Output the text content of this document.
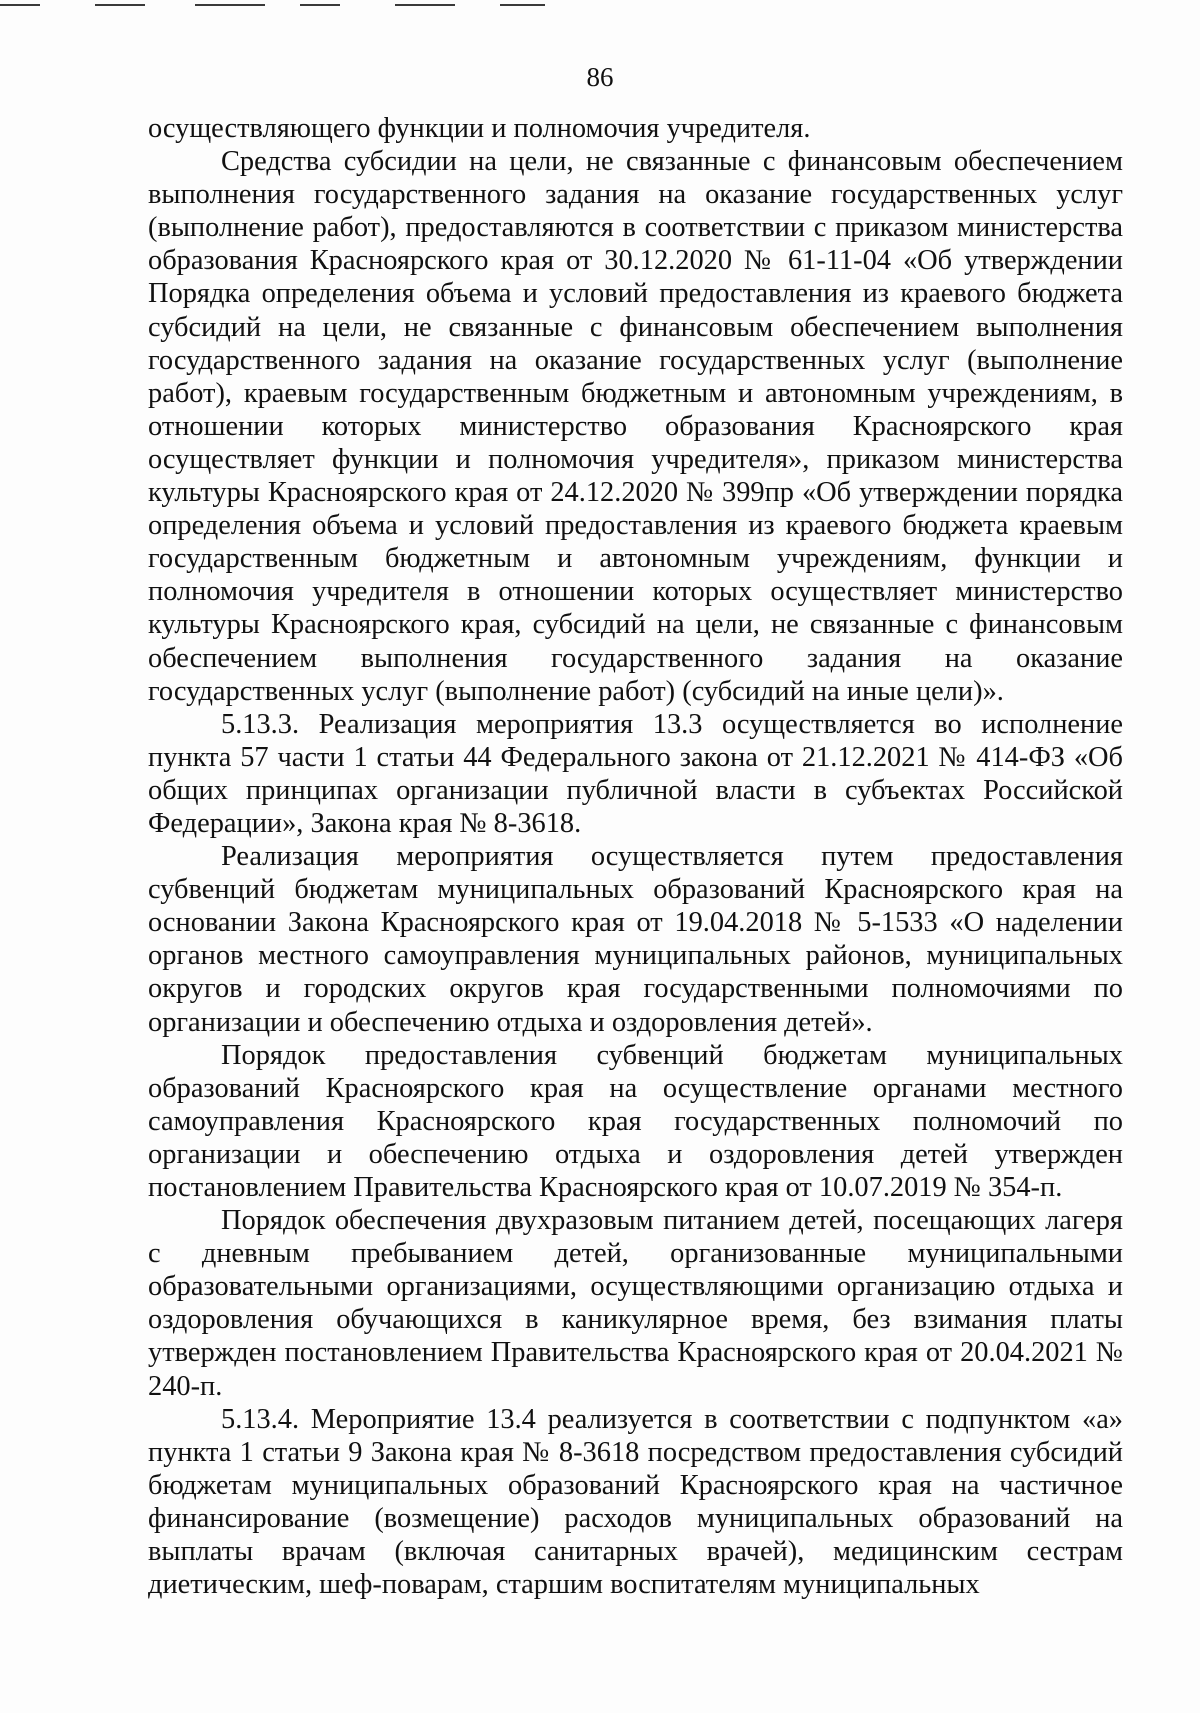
86

осуществляющего функции и полномочия учредителя.

Средства субсидии на цели, не связанные с финансовым обеспечением выполнения государственного задания на оказание государственных услуг (выполнение работ), предоставляются в соответствии с приказом министерства образования Красноярского края от 30.12.2020 № 61-11-04 «Об утверждении Порядка определения объема и условий предоставления из краевого бюджета субсидий на цели, не связанные с финансовым обеспечением выполнения государственного задания на оказание государственных услуг (выполнение работ), краевым государственным бюджетным и автономным учреждениям, в отношении которых министерство образования Красноярского края осуществляет функции и полномочия учредителя», приказом министерства культуры Красноярского края от 24.12.2020 № 399пр «Об утверждении порядка определения объема и условий предоставления из краевого бюджета краевым государственным бюджетным и автономным учреждениям, функции и полномочия учредителя в отношении которых осуществляет министерство культуры Красноярского края, субсидий на цели, не связанные с финансовым обеспечением выполнения государственного задания на оказание государственных услуг (выполнение работ) (субсидий на иные цели)».

5.13.3. Реализация мероприятия 13.3 осуществляется во исполнение пункта 57 части 1 статьи 44 Федерального закона от 21.12.2021 № 414-ФЗ «Об общих принципах организации публичной власти в субъектах Российской Федерации», Закона края № 8-3618.

Реализация мероприятия осуществляется путем предоставления субвенций бюджетам муниципальных образований Красноярского края на основании Закона Красноярского края от 19.04.2018 № 5-1533 «О наделении органов местного самоуправления муниципальных районов, муниципальных округов и городских округов края государственными полномочиями по организации и обеспечению отдыха и оздоровления детей».

Порядок предоставления субвенций бюджетам муниципальных образований Красноярского края на осуществление органами местного самоуправления Красноярского края государственных полномочий по организации и обеспечению отдыха и оздоровления детей утвержден постановлением Правительства Красноярского края от 10.07.2019 № 354-п.

Порядок обеспечения двухразовым питанием детей, посещающих лагеря с дневным пребыванием детей, организованные муниципальными образовательными организациями, осуществляющими организацию отдыха и оздоровления обучающихся в каникулярное время, без взимания платы утвержден постановлением Правительства Красноярского края от 20.04.2021 № 240-п.

5.13.4. Мероприятие 13.4 реализуется в соответствии с подпунктом «а» пункта 1 статьи 9 Закона края № 8-3618 посредством предоставления субсидий бюджетам муниципальных образований Красноярского края на частичное финансирование (возмещение) расходов муниципальных образований на выплаты врачам (включая санитарных врачей), медицинским сестрам диетическим, шеф-поварам, старшим воспитателям муниципальных
